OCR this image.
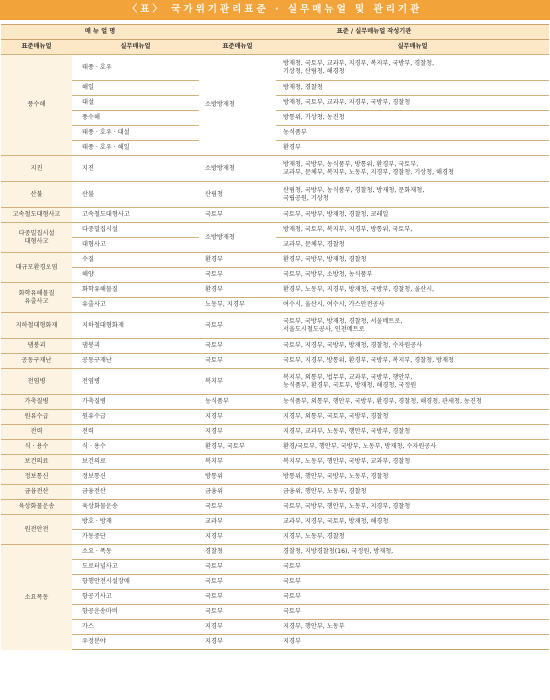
〈표〉 국가위기관리표준 · 실무매뉴얼 및 관리기관
매 뉴 얼 명		표준 / 실무매뉴얼 작성기관	
표준매뉴얼	실무매뉴얼	표준매뉴얼	실무매뉴얼

풍수해	태풍 · 호우	소방방재청	방재청, 국토부, 교과부, 지경부, 복지부, 국방부, 경찰청,
기상청, 산림청, 해경청

	해일		방재청, 경찰청

	대설		방재청, 국토부, 교과부, 지경부, 국방부, 경찰청

	풍수해		방통위, 기상청, 농진청

	태풍 · 호우 · 대설		농식품부

	태풍 · 호우 · 해일		환경부

지진	지진	소방방재청	방재청, 국방부, 농식품부, 방통위, 환경부, 국토부,
교과부, 문체부, 복지부, 노동부, 지경부, 경찰청, 기상청, 해경청

산불	산불	산림청	산림청, 국방부, 농식품부, 경찰청, 방재청, 문화재청,
국립공원, 기상청

고속철도대형사고	고속철도대형사고	국토부	국토부, 국방부, 방재청, 경찰청, 코레일

다중밀집시설
대형사고	다중밀집시설	소방방재청	방재청, 국토부, 복지부, 지경부, 방통위, 국토부,

	대형사고		교과부, 문체부, 경찰청

대규모환경오염	수질	환경부	환경부, 국방부, 방재청, 경찰청

	해양	국토부	국토부, 국방부, 소방청, 농식품부

화학유해물질
유출사고	화학유해물질	환경부	환경부, 노동부, 지경부, 방재청, 국방부, 경찰청, 울산시,

	유출사고	노동부, 지경부	여수시, 울산시, 여수시, 가스안전공사

지하철대형화재	지하철대형화재	국토부	국토부, 국방부, 방재청, 경찰청, 서울메트로,
서울도시철도공사, 인천메트로

댐붕괴	댐붕괴	국토부	국토부, 지경부, 국방부, 방재청, 경찰청, 수자원공사

공동구재난	공동구재난	국토부	국토부, 지경부, 방통위, 환경부, 국방부, 복지부, 경찰청, 방재청

전염병	전염병	복지부	복지부, 외통부, 법무부, 교과부, 국방부, 행안부,
농식품부, 환경부, 국토부, 방재청, 해경청, 국정원

가축질병	가축질병	농식품부	농식품부, 외통부, 행안부, 국방부, 환경부, 경찰청, 해경청, 관세청, 농진청

원유수급	원유수급	지경부	지경부, 외통부, 국토부, 국방부, 경찰청

전력	전력	지경부	지경부, 교과부, 노동부, 행안부, 국방부, 경찰청

식 · 용수	식 · 용수	환경부, 국토부	환경/국토부, 행안부, 국방부, 노동부, 방재청, 수자원공사

보건의료	보건의료	복지부	복지부, 노동부, 행안부, 국방부, 교과부, 경찰청

정보통신	정보통신	방통위	방통위, 행안부, 국방부, 노동부, 경찰청

금융전산	금융전산	금융위	금융위, 행안부, 노동부, 경찰청

육상화물운송	육상화물운송	국토부	국토부, 국방부, 행안부, 노동부, 지경부, 경찰청

원전안전	방호 · 방재	교과부	교과부, 지경부, 국토부, 방재청, 해경청

	가동중단	지경부	지경부, 노동부, 경찰청

소요폭동	소요 · 폭동	경찰청	경찰청, 지방경찰청(16), 국정원, 방재청,

	도로터널사고	국토부	국토부

	항행안전시설장애	국토부	국토부

	항공기사고	국토부	국토부

	항공운송마비	국토부	국토부

	가스	지경부	지경부, 행안부, 노동부

	우정분야	지경부	지경부
